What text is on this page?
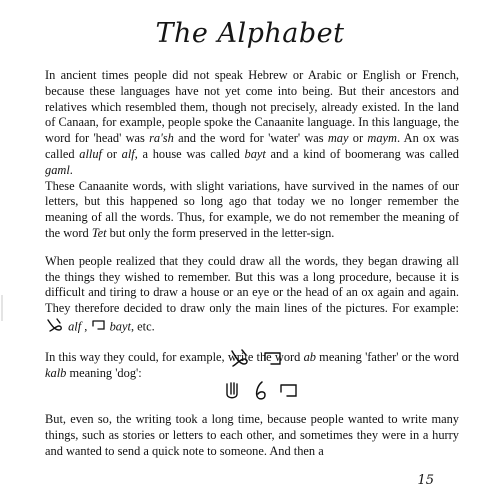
The Alphabet

In ancient times people did not speak Hebrew or Arabic or English or French, because these languages have not yet come into being. But their ancestors and relatives which resembled them, though not precisely, already existed. In the land of Canaan, for example, people spoke the Canaanite language. In this language, the word for 'head' was ra'sh and the word for 'water' was may or maym. An ox was called alluf or alf, a house was called bayt and a kind of boomerang was called gaml.

These Canaanite words, with slight variations, have survived in the names of our letters, but this happened so long ago that today we no longer remember the meaning of all the words. Thus, for example, we do not remember the meaning of the word Tet but only the form preserved in the letter-sign.

When people realized that they could draw all the words, they began drawing all the things they wished to remember. But this was a long procedure, because it is difficult and tiring to draw a house or an eye or the head of an ox again and again. They therefore decided to draw only the main lines of the pictures. For example:  alf ,  bayt, etc.

In this way they could, for example, write the word ab meaning 'father' or the word kalb meaning 'dog':

But, even so, the writing took a long time, because people wanted to write many things, such as stories or letters to each other, and sometimes they were in a hurry and wanted to send a quick note to someone. And then a

15
